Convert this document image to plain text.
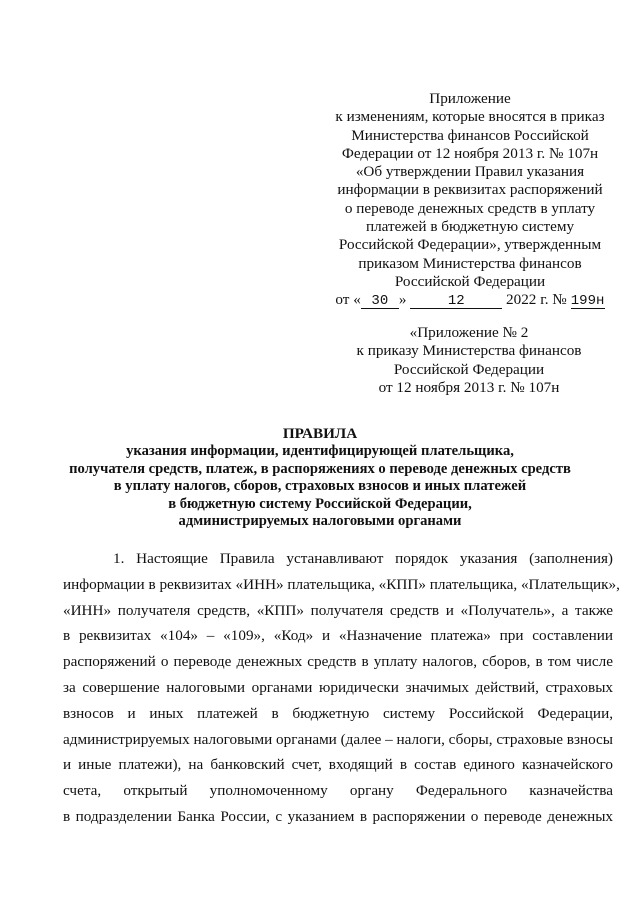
Приложение
к изменениям, которые вносятся в приказ
Министерства финансов Российской
Федерации от 12 ноября 2013 г. № 107н
«Об утверждении Правил указания
информации в реквизитах распоряжений
о переводе денежных средств в уплату
платежей в бюджетную систему
Российской Федерации», утвержденным
приказом Министерства финансов
Российской Федерации
от « 30 »	12	2022 г. № 199н
«Приложение № 2
к приказу Министерства финансов
Российской Федерации
от 12 ноября 2013 г. № 107н
ПРАВИЛА
указания информации, идентифицирующей плательщика,
получателя средств, платеж, в распоряжениях о переводе денежных средств
в уплату налогов, сборов, страховых взносов и иных платежей
в бюджетную систему Российской Федерации,
администрируемых налоговыми органами
1. Настоящие Правила устанавливают порядок указания (заполнения)
информации в реквизитах «ИНН» плательщика, «КПП» плательщика, «Плательщик»,
«ИНН» получателя средств, «КПП» получателя средств и «Получатель», а также
в реквизитах «104» – «109», «Код» и «Назначение платежа» при составлении
распоряжений о переводе денежных средств в уплату налогов, сборов, в том числе
за совершение налоговыми органами юридически значимых действий, страховых
взносов и иных платежей в бюджетную систему Российской Федерации,
администрируемых налоговыми органами (далее – налоги, сборы, страховые взносы
и иные платежи), на банковский счет, входящий в состав единого казначейского
счета, открытый уполномоченному органу Федерального казначейства
в подразделении Банка России, с указанием в распоряжении о переводе денежных
